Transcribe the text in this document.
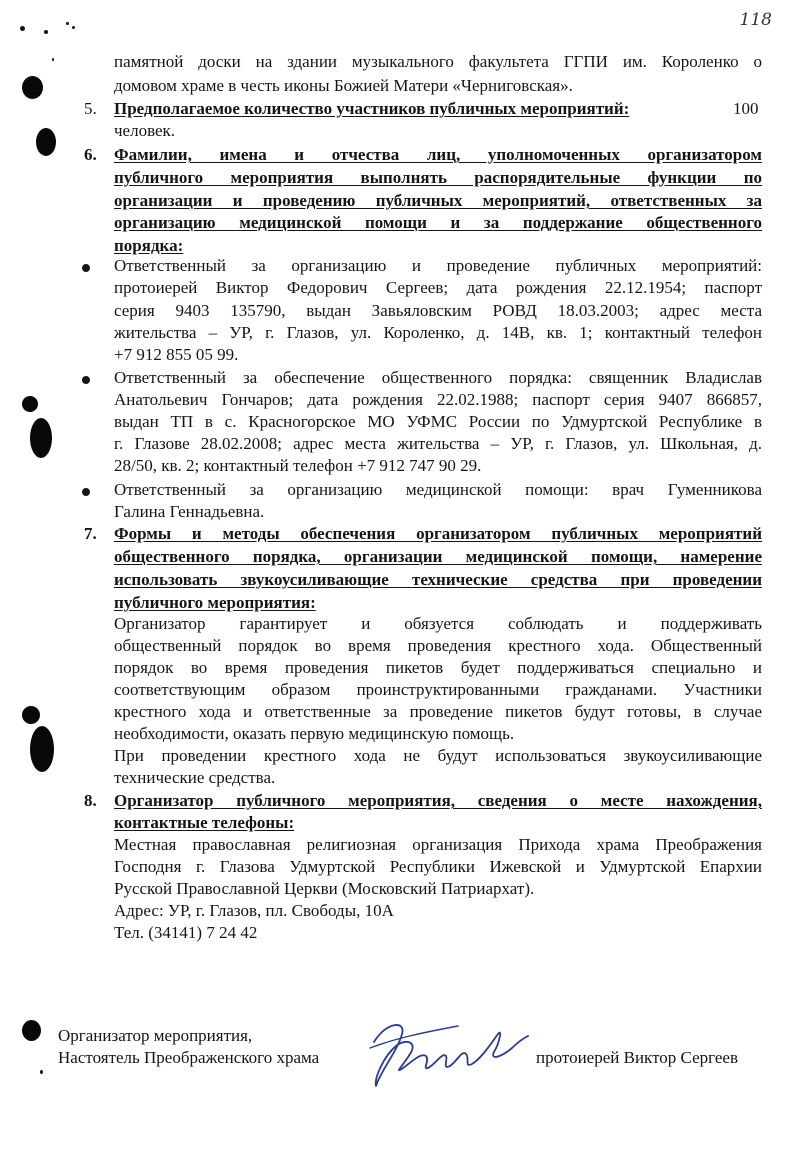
118
памятной доски на здании музыкального факультета ГГПИ им. Короленко о
домовом храме в честь иконы Божией Матери «Черниговская».
5. Предполагаемое количество участников публичных мероприятий:	100
человек.
6. Фамилии, имена и отчества лиц, уполномоченных организатором
публичного мероприятия выполнять распорядительные функции по
организации и проведению публичных мероприятий, ответственных за
организацию медицинской помощи и за поддержание общественного
порядка:
Ответственный за организацию и проведение публичных мероприятий:
протоиерей Виктор Федорович Сергеев; дата рождения 22.12.1954; паспорт
серия 9403 135790, выдан Завьяловским РОВД 18.03.2003; адрес места
жительства – УР, г. Глазов, ул. Короленко, д. 14В, кв. 1; контактный телефон
+7 912 855 05 99.
Ответственный за обеспечение общественного порядка: священник Владислав
Анатольевич Гончаров; дата рождения 22.02.1988; паспорт серия 9407 866857,
выдан ТП в с. Красногорское МО УФМС России по Удмуртской Республике в
г. Глазове 28.02.2008; адрес места жительства – УР, г. Глазов, ул. Школьная, д.
28/50, кв. 2; контактный телефон +7 912 747 90 29.
Ответственный за организацию медицинской помощи: врач Гуменникова
Галина Геннадьевна.
7. Формы и методы обеспечения организатором публичных мероприятий
общественного порядка, организации медицинской помощи, намерение
использовать звукоусиливающие технические средства при проведении
публичного мероприятия:
Организатор гарантирует и обязуется соблюдать и поддерживать
общественный порядок во время проведения крестного хода. Общественный
порядок во время проведения пикетов будет поддерживаться специально и
соответствующим образом проинструктированными гражданами. Участники
крестного хода и ответственные за проведение пикетов будут готовы, в случае
необходимости, оказать первую медицинскую помощь.
При проведении крестного хода не будут использоваться звукоусиливающие
технические средства.
8. Организатор публичного мероприятия, сведения о месте нахождения,
контактные телефоны:
Местная православная религиозная организация Прихода храма Преображения
Господня г. Глазова Удмуртской Республики Ижевской и Удмуртской Епархии
Русской Православной Церкви (Московский Патриархат).
Адрес: УР, г. Глазов, пл. Свободы, 10А
Тел. (34141) 7 24 42
Организатор мероприятия,
Настоятель Преображенского храма	протоиерей Виктор Сергеев
